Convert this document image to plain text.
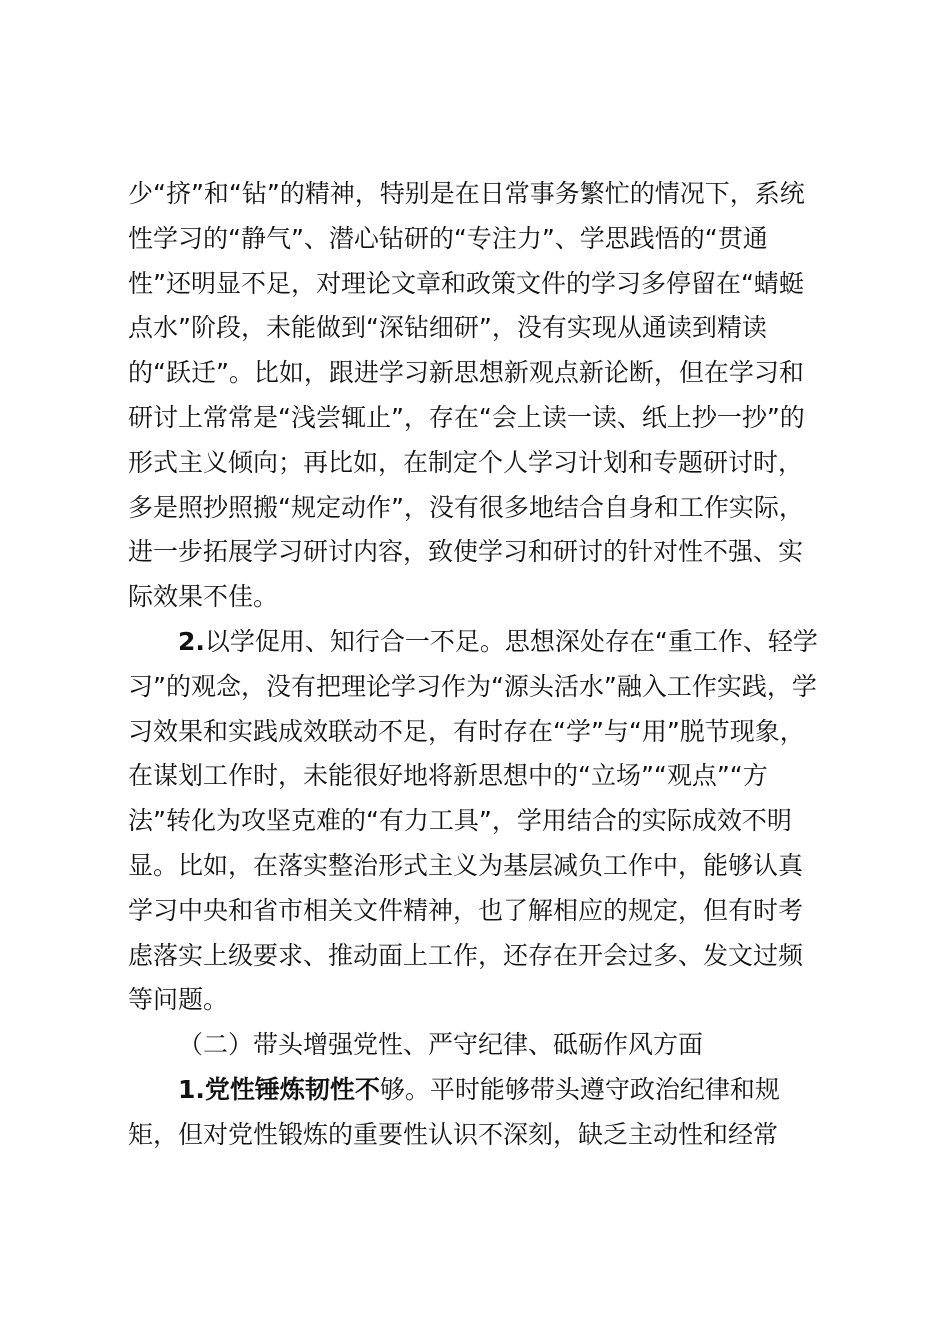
少“挤”和“钻”的精神，特别是在日常事务繁忙的情况下，系统
性学习的“静气”、潜心钻研的“专注力”、学思践悟的“贯通
性”还明显不足，对理论文章和政策文件的学习多停留在“蜻蜓
点水”阶段，未能做到“深钻细研”，没有实现从通读到精读
的“跃迁”。比如，跟进学习新思想新观点新论断，但在学习和
研讨上常常是“浅尝辄止”，存在“会上读一读、纸上抄一抄”的
形式主义倾向；再比如，在制定个人学习计划和专题研讨时，
多是照抄照搬“规定动作”，没有很多地结合自身和工作实际，
进一步拓展学习研讨内容，致使学习和研讨的针对性不强、实
际效果不佳。
2.以学促用、知行合一不足。思想深处存在“重工作、轻学
习”的观念，没有把理论学习作为“源头活水”融入工作实践，学
习效果和实践成效联动不足，有时存在“学”与“用”脱节现象，
在谋划工作时，未能很好地将新思想中的“立场”“观点”“方
法”转化为攻坚克难的“有力工具”，学用结合的实际成效不明
显。比如，在落实整治形式主义为基层减负工作中，能够认真
学习中央和省市相关文件精神，也了解相应的规定，但有时考
虑落实上级要求、推动面上工作，还存在开会过多、发文过频
等问题。
（二）带头增强党性、严守纪律、砥砺作风方面
1.党性锤炼韧性不够。平时能够带头遵守政治纪律和规
矩，但对党性锻炼的重要性认识不深刻，缺乏主动性和经常
